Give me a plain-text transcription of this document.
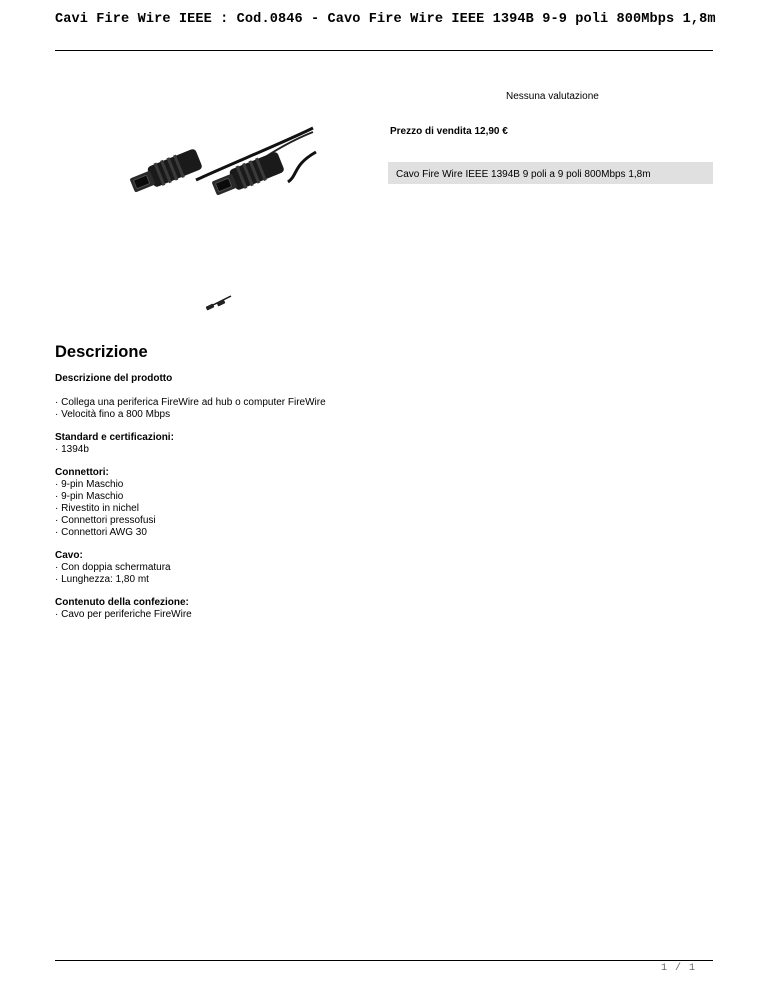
Cavi Fire Wire IEEE : Cod.0846 - Cavo Fire Wire IEEE 1394B 9-9 poli 800Mbps 1,8m
Nessuna valutazione
Prezzo di vendita 12,90 €
Cavo Fire Wire IEEE 1394B 9 poli a 9 poli 800Mbps 1,8m
Descrizione
Descrizione del prodotto
· Collega una periferica FireWire ad hub o computer FireWire
· Velocità fino a 800 Mbps
Standard e certificazioni:
· 1394b
Connettori:
· 9-pin Maschio
· 9-pin Maschio
· Rivestito in nichel
· Connettori pressofusi
· Connettori AWG 30
Cavo:
· Con doppia schermatura
· Lunghezza: 1,80 mt
Contenuto della confezione:
· Cavo per periferiche FireWire
1 / 1
